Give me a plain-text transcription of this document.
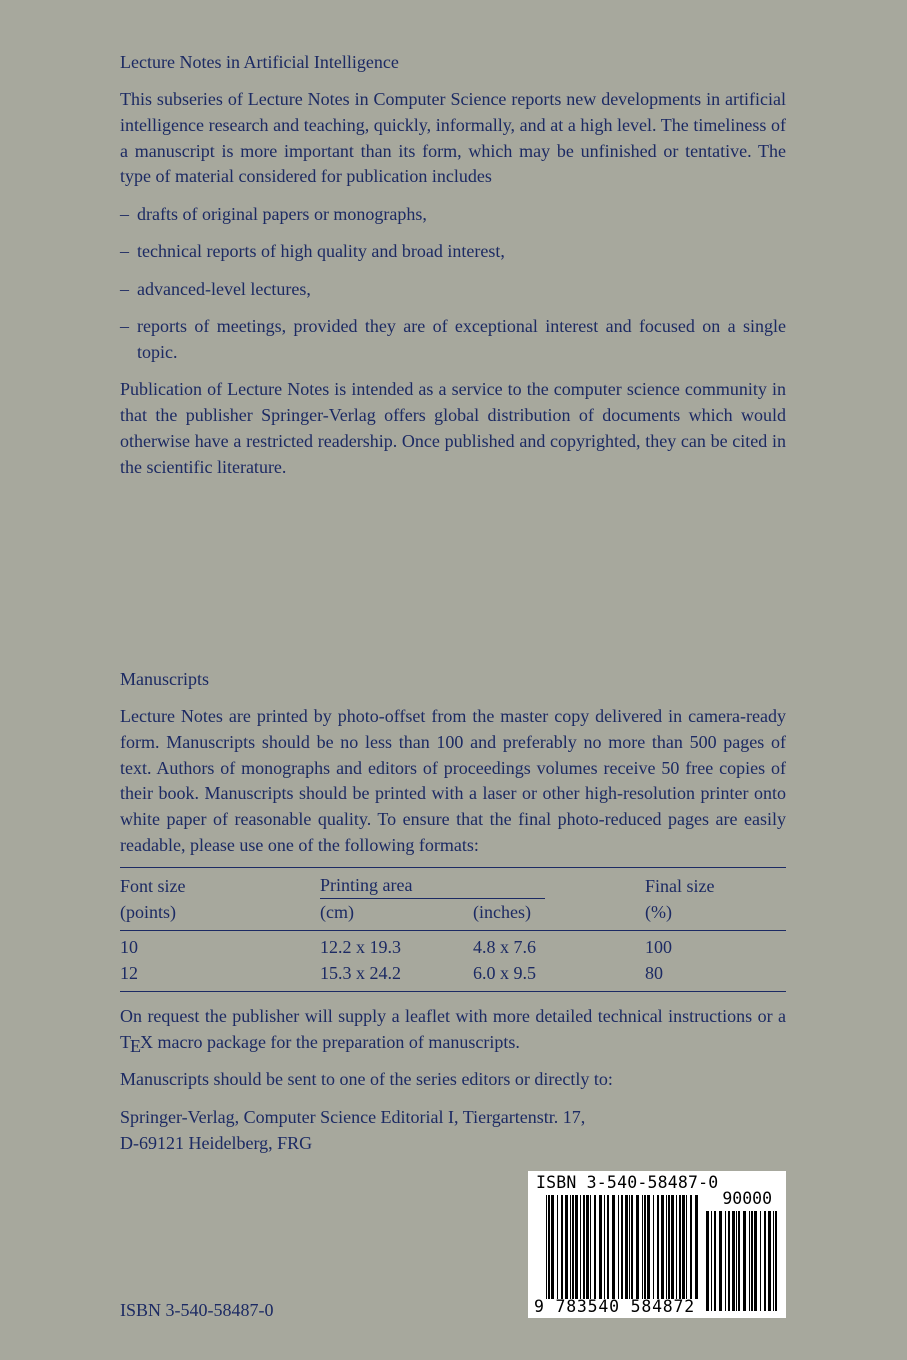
Lecture Notes in Artificial Intelligence

This subseries of Lecture Notes in Computer Science reports new developments in artificial intelligence research and teaching, quickly, informally, and at a high level. The timeliness of a manuscript is more important than its form, which may be unfinished or tentative. The type of material considered for publication includes

– drafts of original papers or monographs,
– technical reports of high quality and broad interest,
– advanced-level lectures,
– reports of meetings, provided they are of exceptional interest and focused on a single topic.

Publication of Lecture Notes is intended as a service to the computer science community in that the publisher Springer-Verlag offers global distribution of documents which would otherwise have a restricted readership. Once published and copyrighted, they can be cited in the scientific literature.

Manuscripts

Lecture Notes are printed by photo-offset from the master copy delivered in camera-ready form. Manuscripts should be no less than 100 and preferably no more than 500 pages of text. Authors of monographs and editors of proceedings volumes receive 50 free copies of their book. Manuscripts should be printed with a laser or other high-resolution printer onto white paper of reasonable quality. To ensure that the final photo-reduced pages are easily readable, please use one of the following formats:

Font size	Printing area		Final size
(points)	(cm)	(inches)	(%)
10	12.2 x 19.3	4.8 x 7.6	100
12	15.3 x 24.2	6.0 x 9.5	80

On request the publisher will supply a leaflet with more detailed technical instructions or a TEX macro package for the preparation of manuscripts.

Manuscripts should be sent to one of the series editors or directly to:

Springer-Verlag, Computer Science Editorial I, Tiergartenstr. 17,
D-69121 Heidelberg, FRG
ISBN 3-540-58487-0
ISBN 3-540-58487-0
90000
9 783540 584872
